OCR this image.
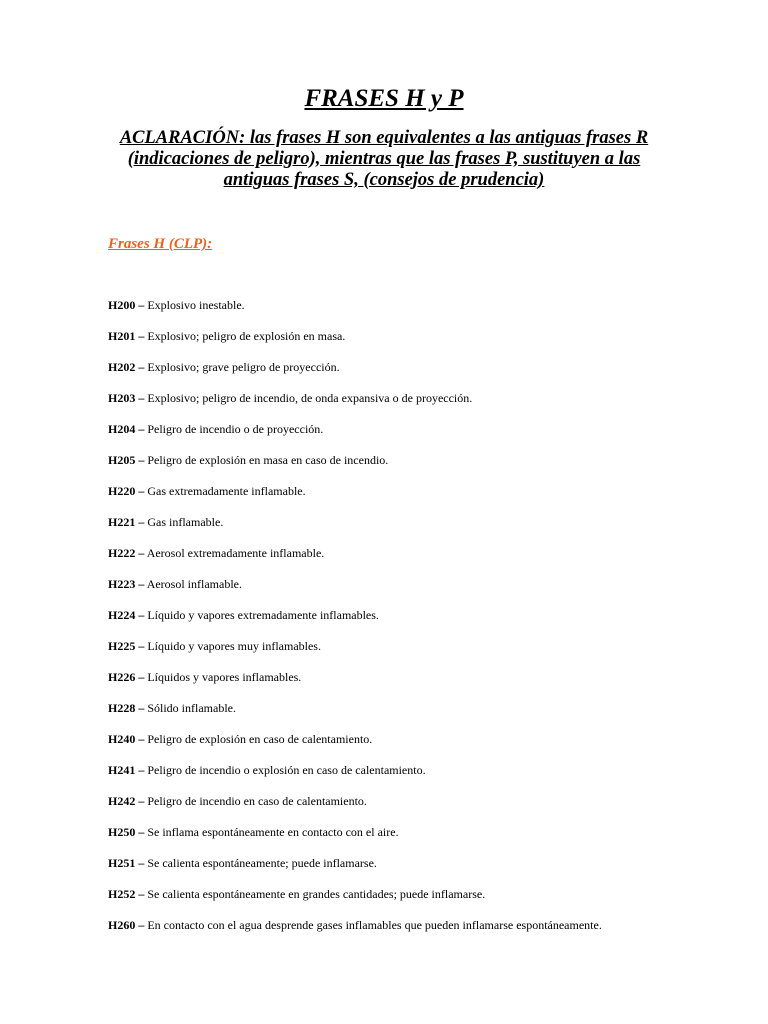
FRASES H y P
ACLARACIÓN: las frases H son equivalentes a las antiguas frases R (indicaciones de peligro), mientras que las frases P, sustituyen a las antiguas frases S, (consejos de prudencia)
Frases H (CLP):
H200 – Explosivo inestable.
H201 – Explosivo; peligro de explosión en masa.
H202 – Explosivo; grave peligro de proyección.
H203 – Explosivo; peligro de incendio, de onda expansiva o de proyección.
H204 – Peligro de incendio o de proyección.
H205 – Peligro de explosión en masa en caso de incendio.
H220 – Gas extremadamente inflamable.
H221 – Gas inflamable.
H222 – Aerosol extremadamente inflamable.
H223 – Aerosol inflamable.
H224 – Líquido y vapores extremadamente inflamables.
H225 – Líquido y vapores muy inflamables.
H226 – Líquidos y vapores inflamables.
H228 – Sólido inflamable.
H240 – Peligro de explosión en caso de calentamiento.
H241 – Peligro de incendio o explosión en caso de calentamiento.
H242 – Peligro de incendio en caso de calentamiento.
H250 – Se inflama espontáneamente en contacto con el aire.
H251 – Se calienta espontáneamente; puede inflamarse.
H252 – Se calienta espontáneamente en grandes cantidades; puede inflamarse.
H260 – En contacto con el agua desprende gases inflamables que pueden inflamarse espontáneamente.
